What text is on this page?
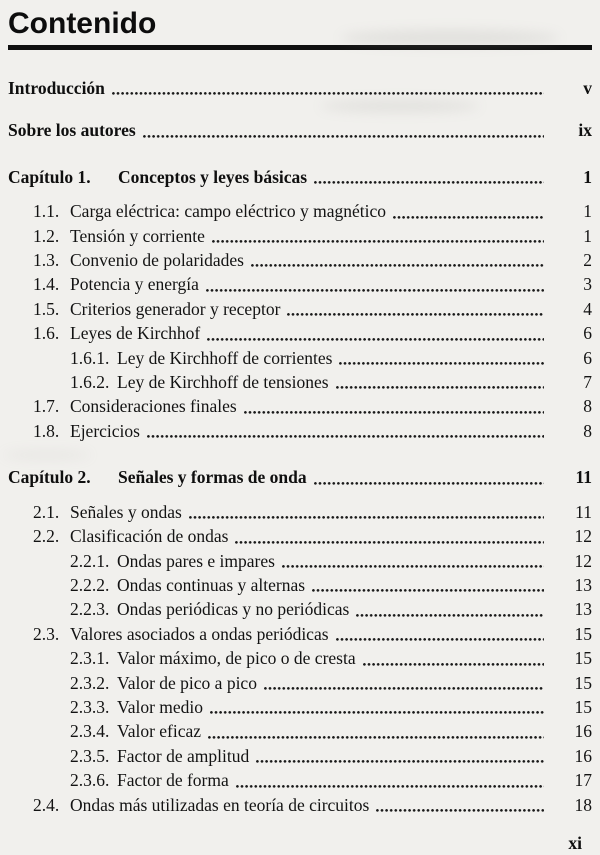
Contenido
Introducción	v
Sobre los autores	ix
Capítulo 1.	Conceptos y leyes básicas	1
1.1. Carga eléctrica: campo eléctrico y magnético	1
1.2. Tensión y corriente	1
1.3. Convenio de polaridades	2
1.4. Potencia y energía	3
1.5. Criterios generador y receptor	4
1.6. Leyes de Kirchhof	6
1.6.1. Ley de Kirchhoff de corrientes	6
1.6.2. Ley de Kirchhoff de tensiones	7
1.7. Consideraciones finales	8
1.8. Ejercicios	8
Capítulo 2.	Señales y formas de onda	11
2.1. Señales y ondas	11
2.2. Clasificación de ondas	12
2.2.1. Ondas pares e impares	12
2.2.2. Ondas continuas y alternas	13
2.2.3. Ondas periódicas y no periódicas	13
2.3. Valores asociados a ondas periódicas	15
2.3.1. Valor máximo, de pico o de cresta	15
2.3.2. Valor de pico a pico	15
2.3.3. Valor medio	15
2.3.4. Valor eficaz	16
2.3.5. Factor de amplitud	16
2.3.6. Factor de forma	17
2.4. Ondas más utilizadas en teoría de circuitos	18
xi
